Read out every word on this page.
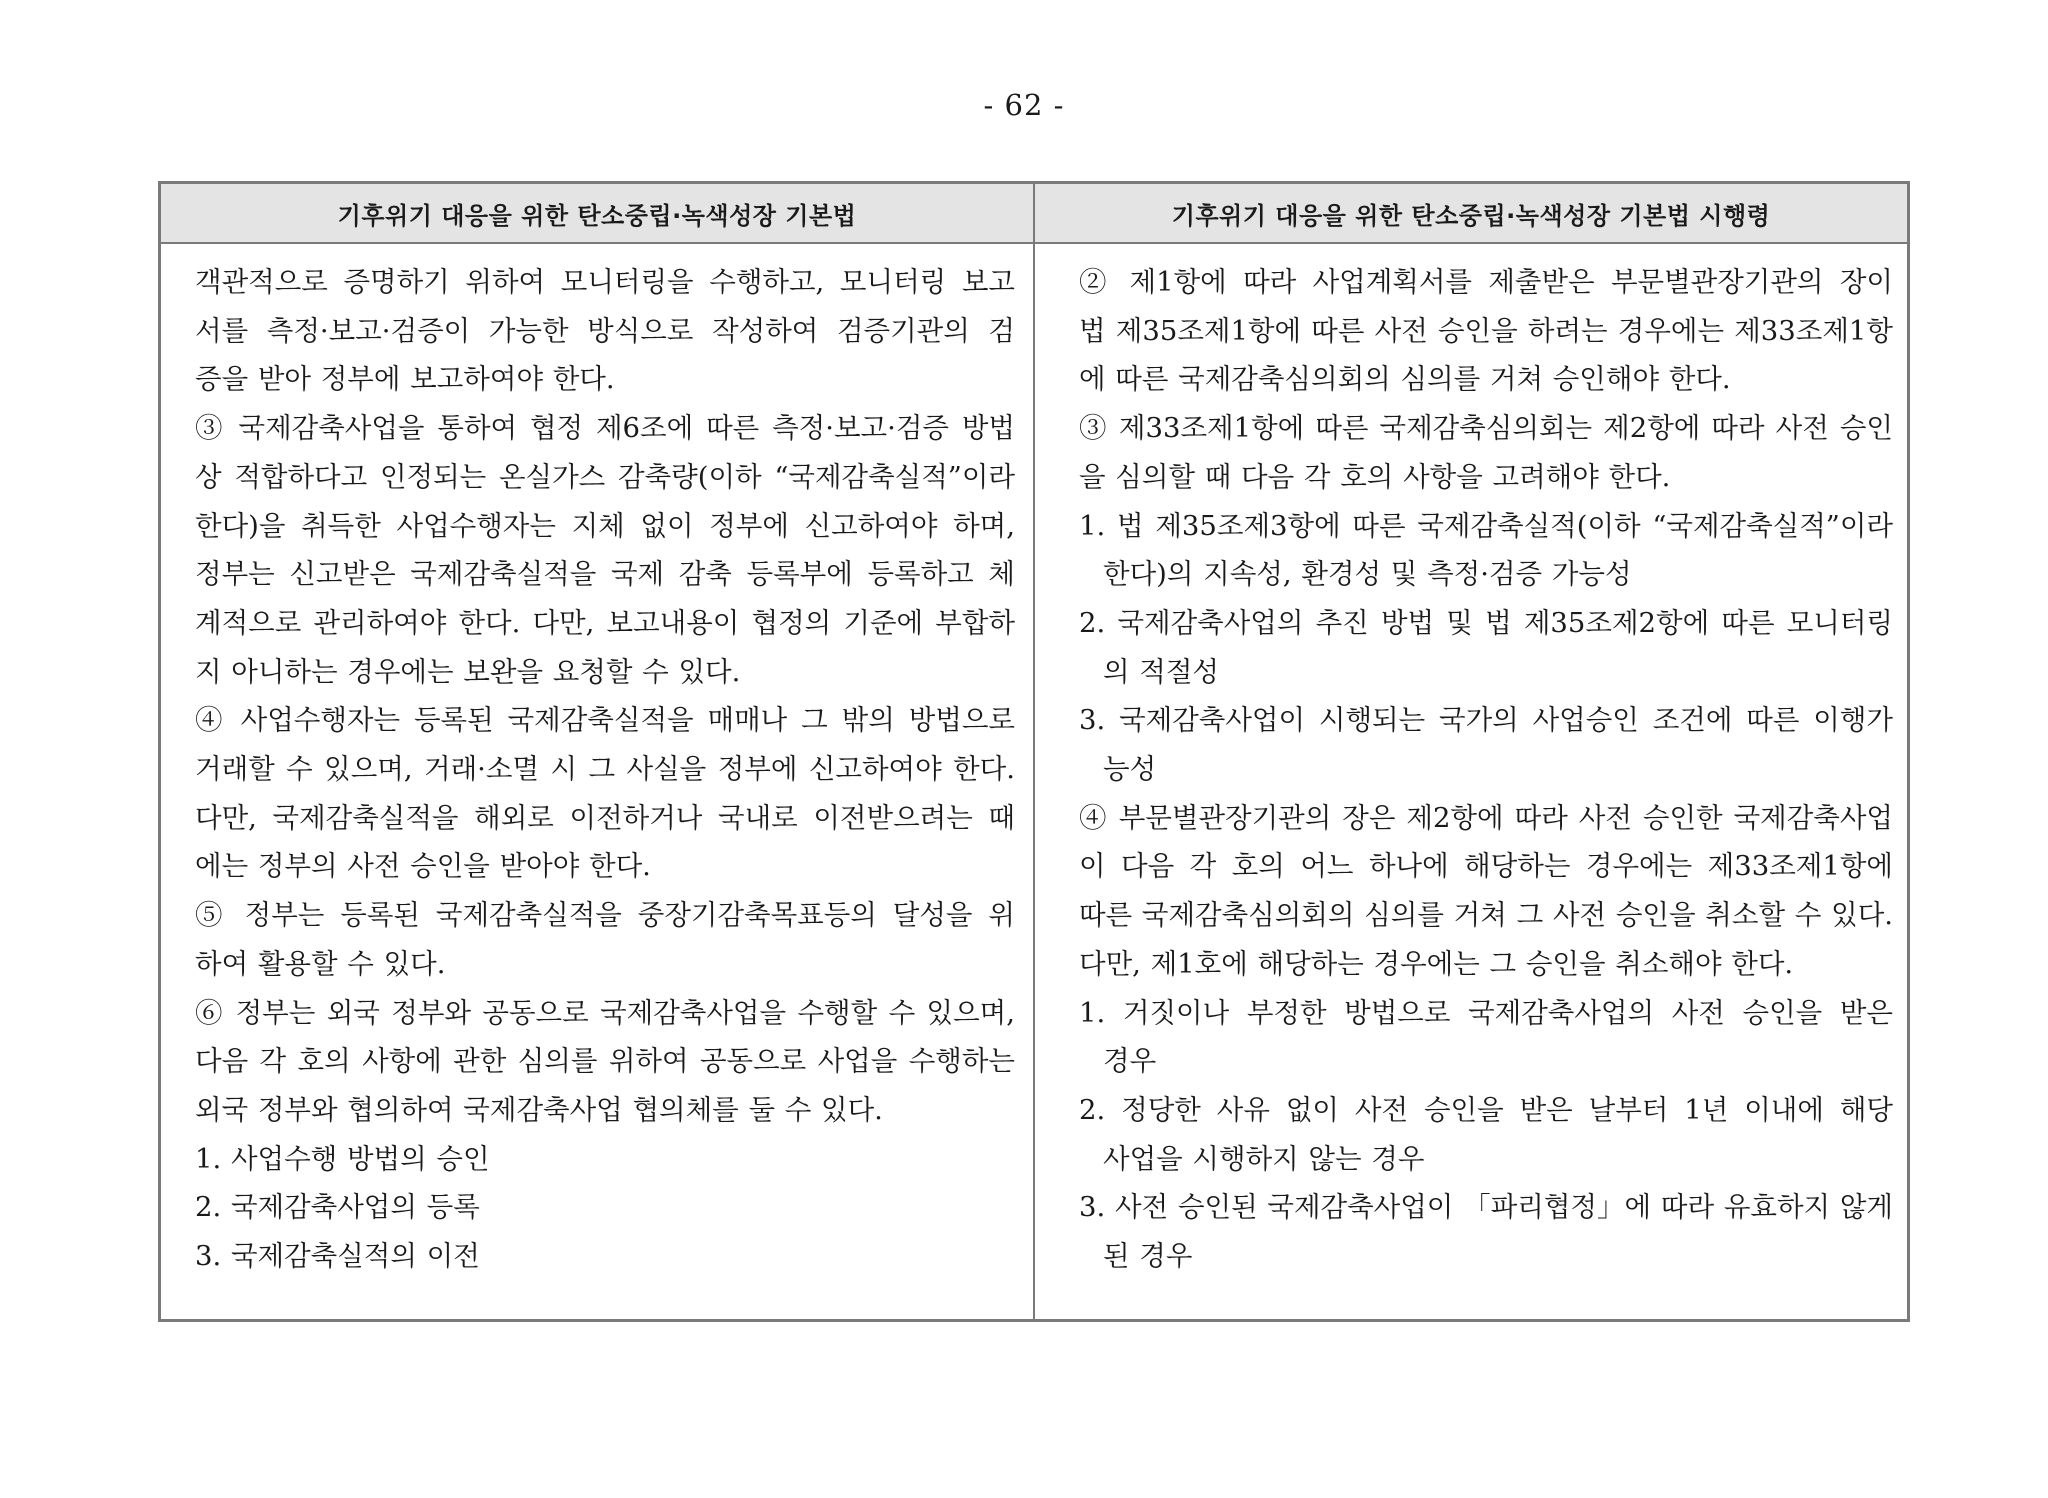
- 62 -
기후위기 대응을 위한 탄소중립·녹색성장 기본법	기후위기 대응을 위한 탄소중립·녹색성장 기본법 시행령
객관적으로 증명하기 위하여 모니터링을 수행하고, 모니터링 보고
서를 측정·보고·검증이 가능한 방식으로 작성하여 검증기관의 검
증을 받아 정부에 보고하여야 한다.
③ 국제감축사업을 통하여 협정 제6조에 따른 측정·보고·검증 방법
상 적합하다고 인정되는 온실가스 감축량(이하 “국제감축실적”이라
한다)을 취득한 사업수행자는 지체 없이 정부에 신고하여야 하며,
정부는 신고받은 국제감축실적을 국제 감축 등록부에 등록하고 체
계적으로 관리하여야 한다. 다만, 보고내용이 협정의 기준에 부합하
지 아니하는 경우에는 보완을 요청할 수 있다.
④ 사업수행자는 등록된 국제감축실적을 매매나 그 밖의 방법으로
거래할 수 있으며, 거래·소멸 시 그 사실을 정부에 신고하여야 한다.
다만, 국제감축실적을 해외로 이전하거나 국내로 이전받으려는 때
에는 정부의 사전 승인을 받아야 한다.
⑤ 정부는 등록된 국제감축실적을 중장기감축목표등의 달성을 위
하여 활용할 수 있다.
⑥ 정부는 외국 정부와 공동으로 국제감축사업을 수행할 수 있으며,
다음 각 호의 사항에 관한 심의를 위하여 공동으로 사업을 수행하는
외국 정부와 협의하여 국제감축사업 협의체를 둘 수 있다.
1. 사업수행 방법의 승인
2. 국제감축사업의 등록
3. 국제감축실적의 이전
② 제1항에 따라 사업계획서를 제출받은 부문별관장기관의 장이
법 제35조제1항에 따른 사전 승인을 하려는 경우에는 제33조제1항
에 따른 국제감축심의회의 심의를 거쳐 승인해야 한다.
③ 제33조제1항에 따른 국제감축심의회는 제2항에 따라 사전 승인
을 심의할 때 다음 각 호의 사항을 고려해야 한다.
1. 법 제35조제3항에 따른 국제감축실적(이하 “국제감축실적”이라
한다)의 지속성, 환경성 및 측정·검증 가능성
2. 국제감축사업의 추진 방법 및 법 제35조제2항에 따른 모니터링
의 적절성
3. 국제감축사업이 시행되는 국가의 사업승인 조건에 따른 이행가
능성
④ 부문별관장기관의 장은 제2항에 따라 사전 승인한 국제감축사업
이 다음 각 호의 어느 하나에 해당하는 경우에는 제33조제1항에
따른 국제감축심의회의 심의를 거쳐 그 사전 승인을 취소할 수 있다.
다만, 제1호에 해당하는 경우에는 그 승인을 취소해야 한다.
1. 거짓이나 부정한 방법으로 국제감축사업의 사전 승인을 받은
경우
2. 정당한 사유 없이 사전 승인을 받은 날부터 1년 이내에 해당
사업을 시행하지 않는 경우
3. 사전 승인된 국제감축사업이 「파리협정」에 따라 유효하지 않게
된 경우
